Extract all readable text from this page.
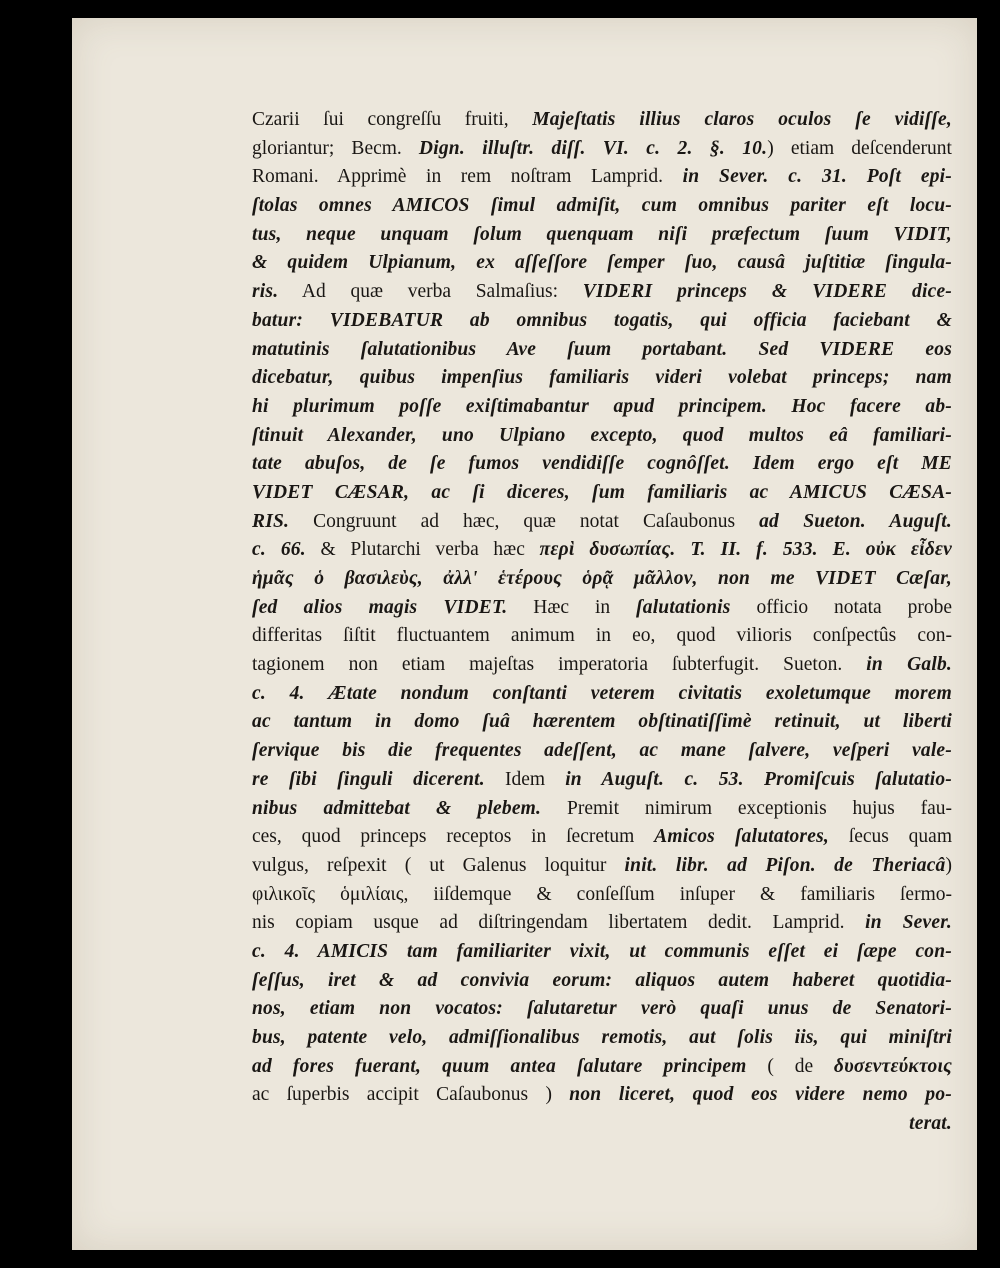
Czarii ſui congreſſu fruiti, Majeſtatis illius claros oculos ſe vidiſſe,
gloriantur; Becm. Dign. illuſtr. diſſ. VI. c. 2. §. 10.) etiam deſcenderunt
Romani. Apprimè in rem noſtram Lamprid. in Sever. c. 31. Poſt epi-
ſtolas omnes AMICOS ſimul admiſit, cum omnibus pariter eſt locu-
tus, neque unquam ſolum quenquam niſi præfectum ſuum VIDIT,
& quidem Ulpianum, ex aſſeſſore ſemper ſuo, causâ juſtitiæ ſingula-
ris. Ad quæ verba Salmaſius: VIDERI princeps & VIDERE dice-
batur: VIDEBATUR ab omnibus togatis, qui officia faciebant &
matutinis ſalutationibus Ave ſuum portabant. Sed VIDERE eos
dicebatur, quibus impenſius familiaris videri volebat princeps; nam
hi plurimum poſſe exiſtimabantur apud principem. Hoc facere ab-
ſtinuit Alexander, uno Ulpiano excepto, quod multos eâ familiari-
tate abuſos, de ſe fumos vendidiſſe cognôſſet. Idem ergo eſt ME
VIDET CÆSAR, ac ſi diceres, ſum familiaris ac AMICUS CÆSA-
RIS. Congruunt ad hæc, quæ notat Caſaubonus ad Sueton. Auguſt.
c. 66. & Plutarchi verba hæc περὶ δυσωπίας. T. II. f. 533. E. οὐκ εἶδεν
ἡμᾶς ὁ βασιλεὺς, ἀλλ' ἑτέρους ὁρᾷ μᾶλλον, non me VIDET Cæſar,
ſed alios magis VIDET. Hæc in ſalutationis officio notata probe
differitas ſiſtit fluctuantem animum in eo, quod vilioris conſpectûs con-
tagionem non etiam majeſtas imperatoria ſubterfugit. Sueton. in Galb.
c. 4. Ætate nondum conſtanti veterem civitatis exoletumque morem
ac tantum in domo ſuâ hærentem obſtinatiſſimè retinuit, ut liberti
ſervique bis die frequentes adeſſent, ac mane ſalvere, veſperi vale-
re ſibi ſinguli dicerent. Idem in Auguſt. c. 53. Promiſcuis ſalutatio-
nibus admittebat & plebem. Premit nimirum exceptionis hujus fau-
ces, quod princeps receptos in ſecretum Amicos ſalutatores, ſecus quam
vulgus, reſpexit ( ut Galenus loquitur init. libr. ad Piſon. de Theriacâ)
φιλικοῖς ὁμιλίαις, iiſdemque & conſeſſum inſuper & familiaris ſermo-
nis copiam usque ad diſtringendam libertatem dedit. Lamprid. in Sever.
c. 4. AMICIS tam familiariter vixit, ut communis eſſet ei ſæpe con-
ſeſſus, iret & ad convivia eorum: aliquos autem haberet quotidia-
nos, etiam non vocatos: ſalutaretur verò quaſi unus de Senatori-
bus, patente velo, admiſſionalibus remotis, aut ſolis iis, qui miniſtri
ad fores fuerant, quum antea ſalutare principem ( de δυσεντεύκτοις
ac ſuperbis accipit Caſaubonus ) non liceret, quod eos videre nemo po-
terat.
